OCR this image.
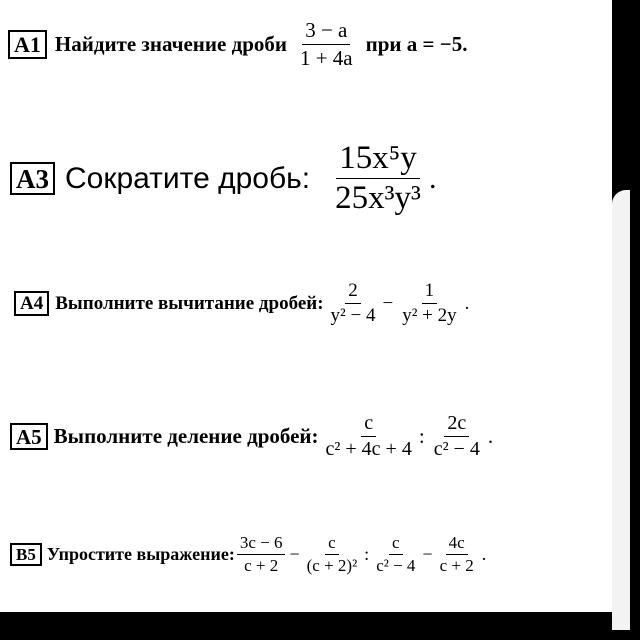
A1 Найдите значение дроби $\frac{3 - a}{1 + 4a}$ при a = −5.
A3 Сократите дробь: $\frac{\text{15x⁵y}}{\text{25x³y³}}$ .
A4 Выполните вычитание дробей: $\frac{2}{\text{y² − 4}} - \frac{1}{\text{y² + 2y}}$ .
A5 Выполните деление дробей: $\frac{c}{\text{c² + 4c + 4}}$ : $\frac{2c}{\text{c² − 4}}$ .
B5 Упростите выражение: $\frac{3c - 6}{c + 2} - \frac{c}{\text{(c + 2)²}}$ : $\frac{c}{\text{c² − 4}} - \frac{4c}{c + 2}$ .
